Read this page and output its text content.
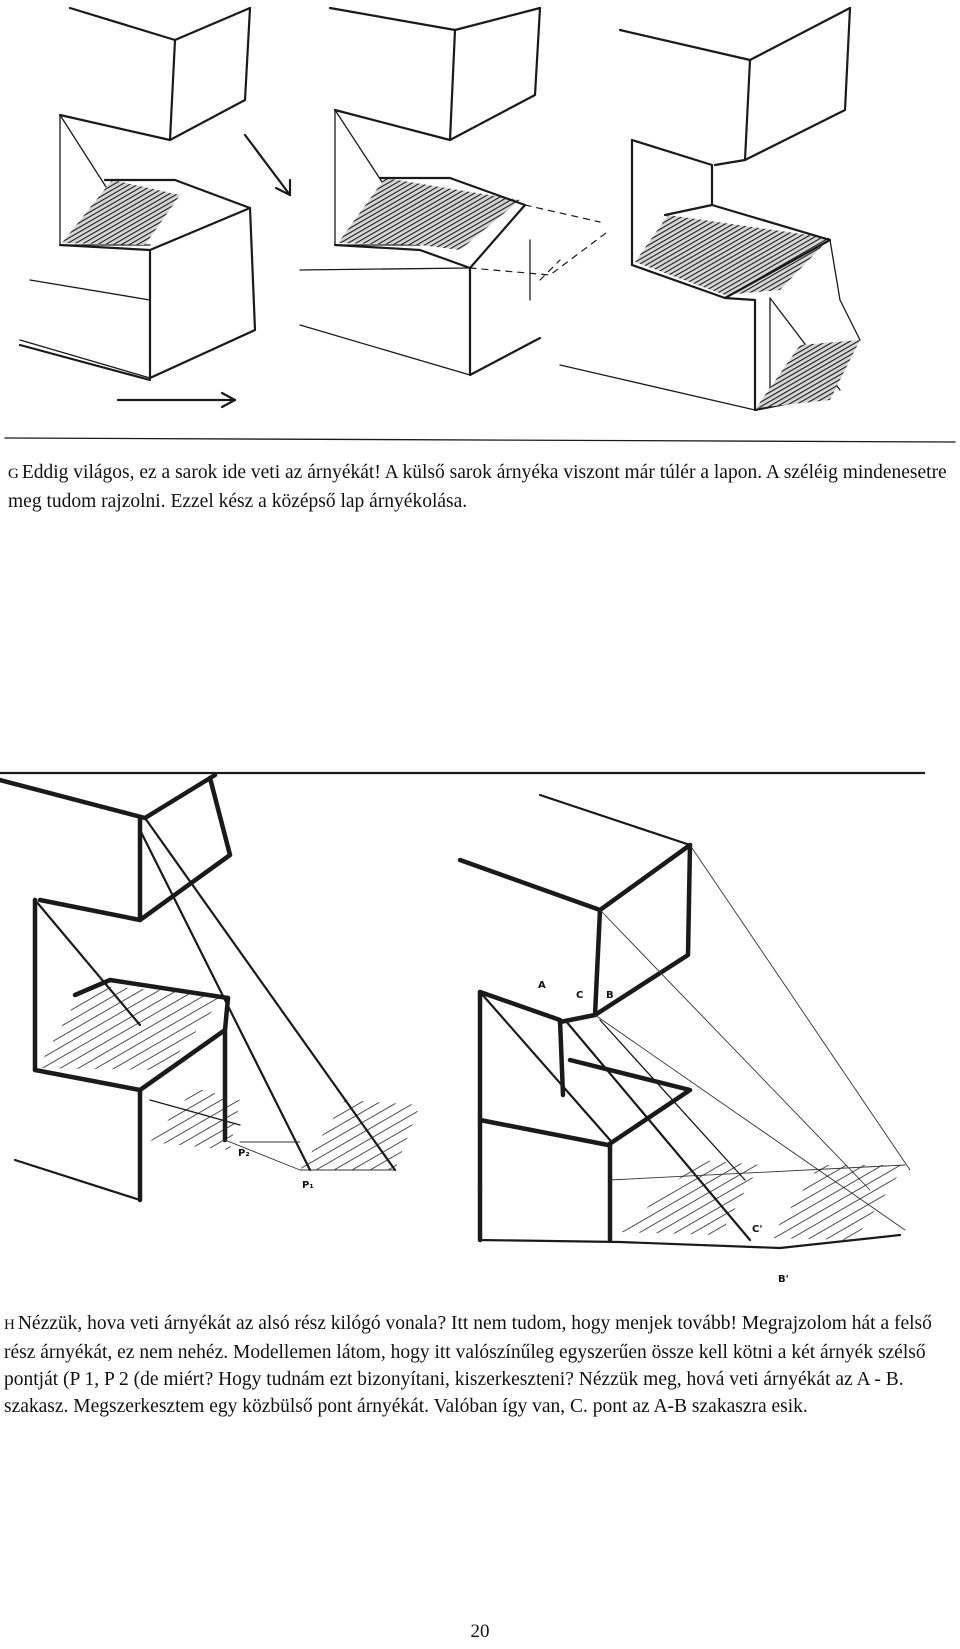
G Eddig világos, ez a sarok ide veti az árnyékát! A külső sarok árnyéka viszont már túlér a lapon. A széléig mindenesetre meg tudom rajzolni. Ezzel kész a középső lap árnyékolása.

P₁
P₂
A
C B
C'
B'

H Nézzük, hova veti árnyékát az alsó rész kilógó vonala? Itt nem tudom, hogy menjek tovább! Megrajzolom hát a felső rész árnyékát, ez nem nehéz. Modellemen látom, hogy itt valószínűleg egyszerűen össze kell kötni a két árnyék szélső pontját (P 1, P 2 (de miért? Hogy tudnám ezt bizonyítani, kiszerkeszteni? Nézzük meg, hová veti árnyékát az A - B. szakasz. Megszerkesztem egy közbülső pont árnyékát. Valóban így van, C. pont az A-B szakaszra esik.

20
